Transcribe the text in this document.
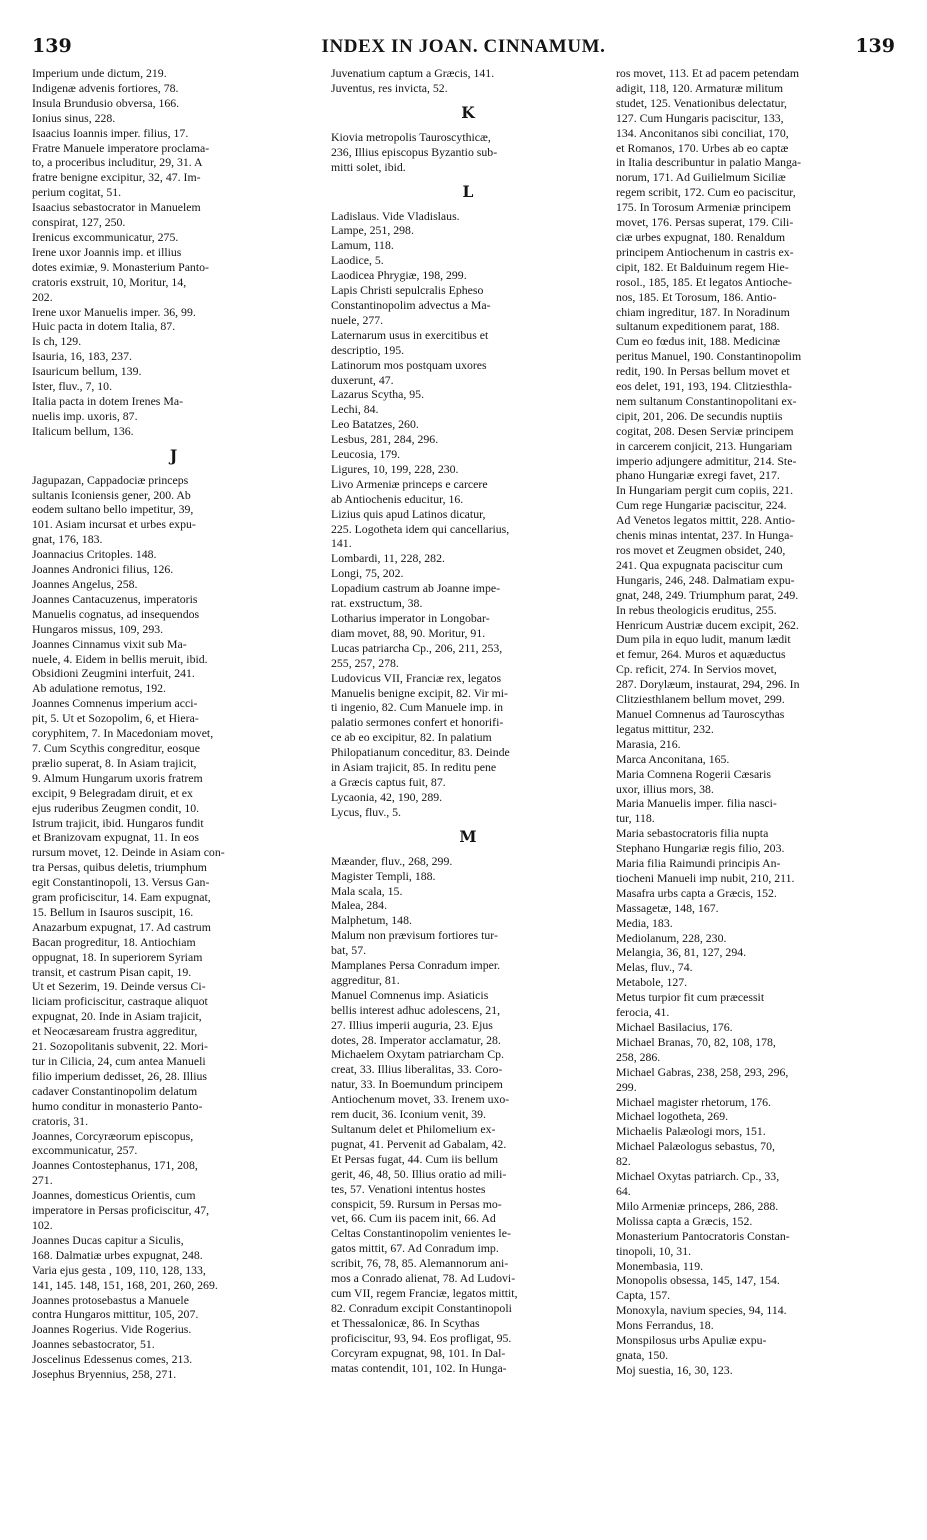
139	INDEX IN JOAN. CINNAMUM.	139
Imperium unde dictum, 219.
Indigenæ advenis fortiores, 78.
Insula Brundusio obversa, 166.
Ionius sinus, 228.
Isaacius Ioannis imper. filius, 17.
Fratre Manuele imperatore proclama-
to, a proceribus includitur, 29, 31. A
fratre benigne excipitur, 32, 47. Im-
perium cogitat, 51.
Isaacius sebastocrator in Manuelem
conspirat, 127, 250.
Irenicus excommunicatur, 275.
Irene uxor Joannis imp. et illius
dotes eximiæ, 9. Monasterium Panto-
cratoris exstruit, 10, Moritur, 14,
202.
Irene uxor Manuelis imper. 36, 99.
Huic pacta in dotem Italia, 87.
Is ch, 129.
Isauria, 16, 183, 237.
Isauricum bellum, 139.
Ister, fluv., 7, 10.
Italia pacta in dotem Irenes Ma-
nuelis imp. uxoris, 87.
Italicum bellum, 136.
J
Jagupazan, Cappadociæ princeps
sultanis Iconiensis gener, 200. Ab
eodem sultano bello impetitur, 39,
101. Asiam incursat et urbes expu-
gnat, 176, 183.
Joannacius Critoples. 148.
Joannes Andronici filius, 126.
Joannes Angelus, 258.
Joannes Cantacuzenus, imperatoris
Manuelis cognatus, ad insequendos
Hungaros missus, 109, 293.
Joannes Cinnamus vixit sub Ma-
nuele, 4. Eidem in bellis meruit, ibid.
Obsidioni Zeugmini interfuit, 241.
Ab adulatione remotus, 192.
Joannes Comnenus imperium acci-
pit, 5. Ut et Sozopolim, 6, et Hiera-
coryphitem, 7. In Macedoniam movet,
7. Cum Scythis congreditur, eosque
prælio superat, 8. In Asiam trajicit,
9. Almum Hungarum uxoris fratrem
excipit, 9 Belegradam diruit, et ex
ejus ruderibus Zeugmen condit, 10.
Istrum trajicit, ibid. Hungaros fundit
et Branizovam expugnat, 11. In eos
rursum movet, 12. Deinde in Asiam con-
tra Persas, quibus deletis, triumphum
egit Constantinopoli, 13. Versus Gan-
gram proficiscitur, 14. Eam expugnat,
15. Bellum in Isauros suscipit, 16.
Anazarbum expugnat, 17. Ad castrum
Bacan progreditur, 18. Antiochiam
oppugnat, 18. In superiorem Syriam
transit, et castrum Pisan capit, 19.
Ut et Sezerim, 19. Deinde versus Ci-
liciam proficiscitur, castraque aliquot
expugnat, 20. Inde in Asiam trajicit,
et Neocæsaream frustra aggreditur,
21. Sozopolitanis subvenit, 22. Mori-
tur in Cilicia, 24, cum antea Manueli
filio imperium dedisset, 26, 28. Illius
cadaver Constantinopolim delatum
humo conditur in monasterio Panto-
cratoris, 31.
Joannes, Corcyræorum episcopus,
excommunicatur, 257.
Joannes Contostephanus, 171, 208,
271.
Joannes, domesticus Orientis, cum
imperatore in Persas proficiscitur, 47,
102.
Joannes Ducas capitur a Siculis,
168. Dalmatiæ urbes expugnat, 248.
Varia ejus gesta , 109, 110, 128, 133,
141, 145. 148, 151, 168, 201, 260, 269.
Joannes protosebastus a Manuele
contra Hungaros mittitur, 105, 207.
Joannes Rogerius. Vide Rogerius.
Joannes sebastocrator, 51.
Joscelinus Edessenus comes, 213.
Josephus Bryennius, 258, 271.
Juvenatium captum a Græcis, 141.
Juventus, res invicta, 52.
K
Kiovia metropolis Tauroscythicæ,
236, Illius episcopus Byzantio sub-
mitti solet, ibid.
L
Ladislaus. Vide Vladislaus.
Lampe, 251, 298.
Lamum, 118.
Laodice, 5.
Laodicea Phrygiæ, 198, 299.
Lapis Christi sepulcralis Epheso
Constantinopolim advectus a Ma-
nuele, 277.
Laternarum usus in exercitibus et
descriptio, 195.
Latinorum mos postquam uxores
duxerunt, 47.
Lazarus Scytha, 95.
Lechi, 84.
Leo Batatzes, 260.
Lesbus, 281, 284, 296.
Leucosia, 179.
Ligures, 10, 199, 228, 230.
Livo Armeniæ princeps e carcere
ab Antiochenis educitur, 16.
Lizius quis apud Latinos dicatur,
225. Logotheta idem qui cancellarius,
141.
Lombardi, 11, 228, 282.
Longi, 75, 202.
Lopadium castrum ab Joanne impe-
rat. exstructum, 38.
Lotharius imperator in Longobar-
diam movet, 88, 90. Moritur, 91.
Lucas patriarcha Cp., 206, 211, 253,
255, 257, 278.
Ludovicus VII, Franciæ rex, legatos
Manuelis benigne excipit, 82. Vir mi-
ti ingenio, 82. Cum Manuele imp. in
palatio sermones confert et honorifi-
ce ab eo excipitur, 82. In palatium
Philopatianum conceditur, 83. Deinde
in Asiam trajicit, 85. In reditu pene
a Græcis captus fuit, 87.
Lycaonia, 42, 190, 289.
Lycus, fluv., 5.
M
Mæander, fluv., 268, 299.
Magister Templi, 188.
Mala scala, 15.
Malea, 284.
Malphetum, 148.
Malum non prævisum fortiores tur-
bat, 57.
Mamplanes Persa Conradum imper.
aggreditur, 81.
Manuel Comnenus imp. Asiaticis
bellis interest adhuc adolescens, 21,
27. Illius imperii auguria, 23. Ejus
dotes, 28. Imperator acclamatur, 28.
Michaelem Oxytam patriarcham Cp.
creat, 33. Illius liberalitas, 33. Coro-
natur, 33. In Boemundum principem
Antiochenum movet, 33. Irenem uxo-
rem ducit, 36. Iconium venit, 39.
Sultanum delet et Philomelium ex-
pugnat, 41. Pervenit ad Gabalam, 42.
Et Persas fugat, 44. Cum iis bellum
gerit, 46, 48, 50. Illius oratio ad mili-
tes, 57. Venationi intentus hostes
conspicit, 59. Rursum in Persas mo-
vet, 66. Cum iis pacem init, 66. Ad
Celtas Constantinopolim venientes le-
gatos mittit, 67. Ad Conradum imp.
scribit, 76, 78, 85. Alemannorum ani-
mos a Conrado alienat, 78. Ad Ludovi-
cum VII, regem Franciæ, legatos mittit,
82. Conradum excipit Constantinopoli
et Thessalonicæ, 86. In Scythas
proficiscitur, 93, 94. Eos profligat, 95.
Corcyram expugnat, 98, 101. In Dal-
matas contendit, 101, 102. In Hunga-
ros movet, 113. Et ad pacem petendam
adigit, 118, 120. Armaturæ militum
studet, 125. Venationibus delectatur,
127. Cum Hungaris paciscitur, 133,
134. Anconitanos sibi conciliat, 170,
et Romanos, 170. Urbes ab eo captæ
in Italia describuntur in palatio Manga-
norum, 171. Ad Guilielmum Siciliæ
regem scribit, 172. Cum eo paciscitur,
175. In Torosum Armeniæ principem
movet, 176. Persas superat, 179. Cili-
ciæ urbes expugnat, 180. Renaldum
principem Antiochenum in castris ex-
cipit, 182. Et Balduinum regem Hie-
rosol., 185, 185. Et legatos Antioche-
nos, 185. Et Torosum, 186. Antio-
chiam ingreditur, 187. In Noradinum
sultanum expeditionem parat, 188.
Cum eo fœdus init, 188. Medicinæ
peritus Manuel, 190. Constantinopolim
redit, 190. In Persas bellum movet et
eos delet, 191, 193, 194. Clitziesthla-
nem sultanum Constantinopolitani ex-
cipit, 201, 206. De secundis nuptiis
cogitat, 208. Desen Serviæ principem
in carcerem conjicit, 213. Hungariam
imperio adjungere admititur, 214. Ste-
phano Hungariæ exregi favet, 217.
In Hungariam pergit cum copiis, 221.
Cum rege Hungariæ paciscitur, 224.
Ad Venetos legatos mittit, 228. Antio-
chenis minas intentat, 237. In Hunga-
ros movet et Zeugmen obsidet, 240,
241. Qua expugnata paciscitur cum
Hungaris, 246, 248. Dalmatiam expu-
gnat, 248, 249. Triumphum parat, 249.
In rebus theologicis eruditus, 255.
Henricum Austriæ ducem excipit, 262.
Dum pila in equo ludit, manum lædit
et femur, 264. Muros et aquæductus
Cp. reficit, 274. In Servios movet,
287. Dorylæum, instaurat, 294, 296. In
Clitziesthlanem bellum movet, 299.
Manuel Comnenus ad Tauroscythas
legatus mittitur, 232.
Marasia, 216.
Marca Anconitana, 165.
Maria Comnena Rogerii Cæsaris
uxor, illius mors, 38.
Maria Manuelis imper. filia nasci-
tur, 118.
Maria sebastocratoris filia nupta
Stephano Hungariæ regis filio, 203.
Maria filia Raimundi principis An-
tiocheni Manueli imp nubit, 210, 211.
Masafra urbs capta a Græcis, 152.
Massagetæ, 148, 167.
Media, 183.
Mediolanum, 228, 230.
Melangia, 36, 81, 127, 294.
Melas, fluv., 74.
Metabole, 127.
Metus turpior fit cum præcessit
ferocia, 41.
Michael Basilacius, 176.
Michael Branas, 70, 82, 108, 178,
258, 286.
Michael Gabras, 238, 258, 293, 296,
299.
Michael magister rhetorum, 176.
Michael logotheta, 269.
Michaelis Palæologi mors, 151.
Michael Palæologus sebastus, 70,
82.
Michael Oxytas patriarch. Cp., 33,
64.
Milo Armeniæ princeps, 286, 288.
Molissa capta a Græcis, 152.
Monasterium Pantocratoris Constan-
tinopoli, 10, 31.
Monembasia, 119.
Monopolis obsessa, 145, 147, 154.
Capta, 157.
Monoxyla, navium species, 94, 114.
Mons Ferrandus, 18.
Monspilosus urbs Apuliæ expu-
gnata, 150.
Moj suestia, 16, 30, 123.
